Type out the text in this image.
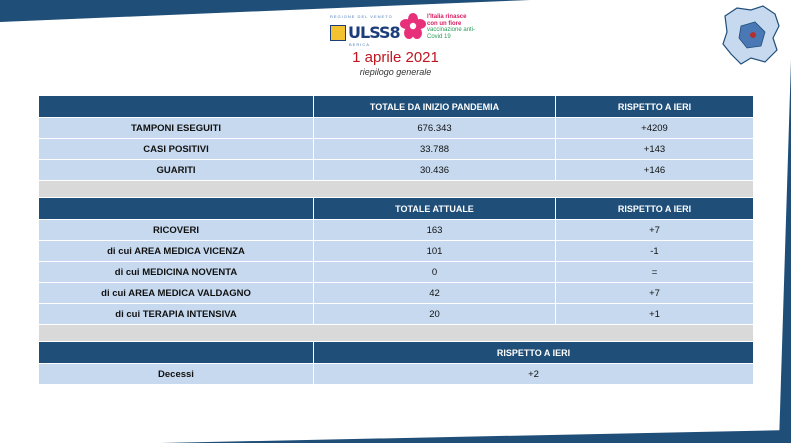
REGIONE DEL VENETO
ULSS8
BERICA
l'Italia rinasce con un fiore
vaccinazione anti-Covid 19
1 aprile 2021
riepilogo generale
	TOTALE DA INIZIO PANDEMIA	RISPETTO A IERI
TAMPONI ESEGUITI	676.343	+4209
CASI POSITIVI	33.788	+143
GUARITI	30.436	+146

	TOTALE ATTUALE	RISPETTO A IERI
RICOVERI	163	+7
di cui AREA MEDICA VICENZA	101	-1
di cui MEDICINA NOVENTA	0	=
di cui AREA MEDICA VALDAGNO	42	+7
di cui TERAPIA INTENSIVA	20	+1

	RISPETTO A IERI	
Decessi	+2	
